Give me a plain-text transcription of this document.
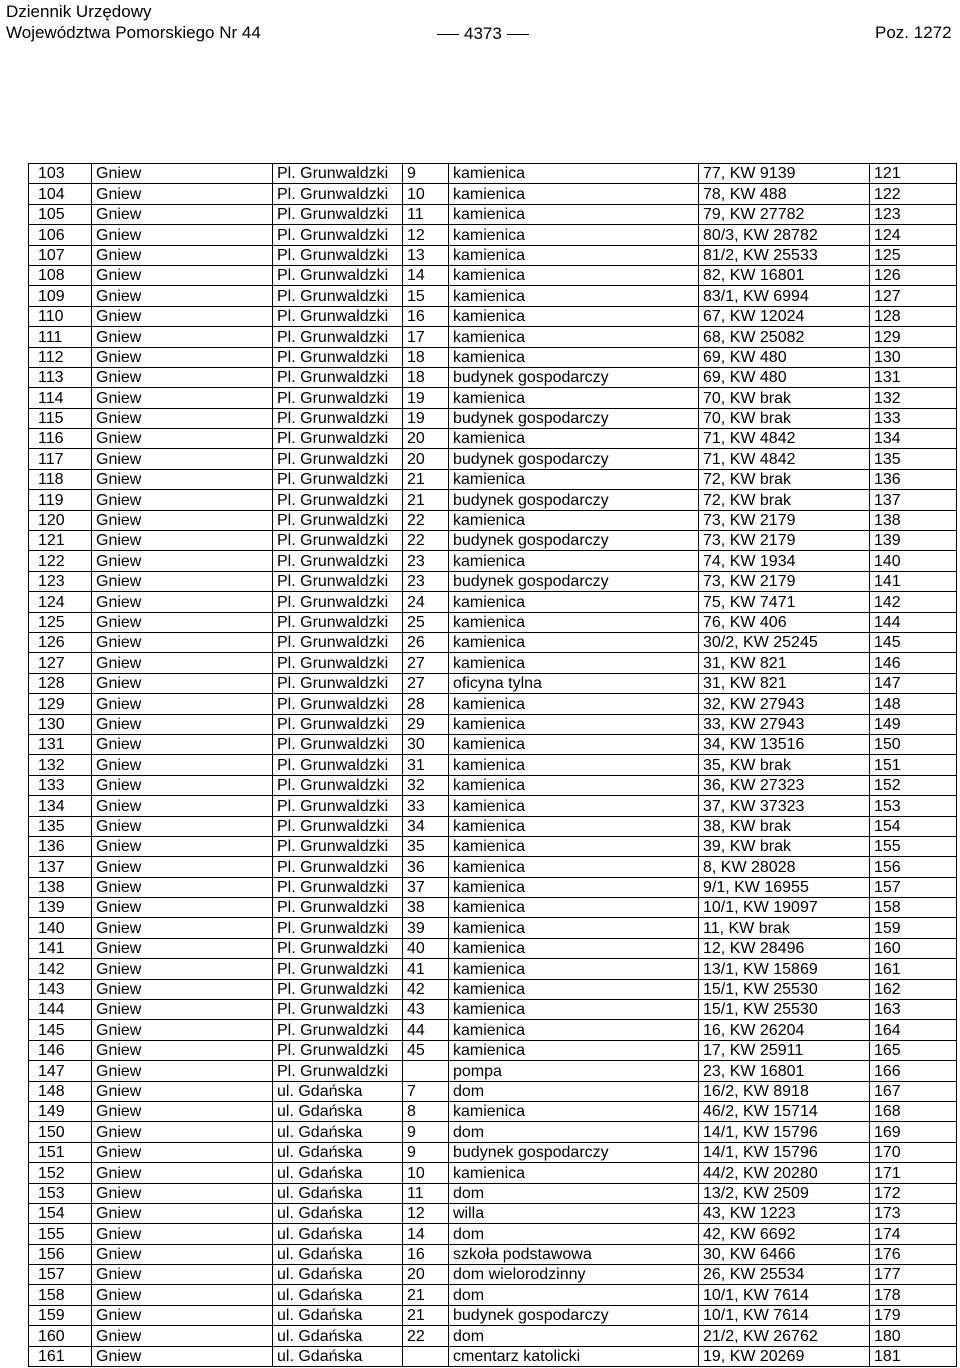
Dziennik Urzędowy
Województwa Pomorskiego Nr 44	4373	Poz. 1272
103	Gniew	Pl. Grunwaldzki	9	kamienica	77, KW 9139	121
104	Gniew	Pl. Grunwaldzki	10	kamienica	78, KW 488	122
105	Gniew	Pl. Grunwaldzki	11	kamienica	79, KW 27782	123
106	Gniew	Pl. Grunwaldzki	12	kamienica	80/3, KW 28782	124
107	Gniew	Pl. Grunwaldzki	13	kamienica	81/2, KW 25533	125
108	Gniew	Pl. Grunwaldzki	14	kamienica	82, KW 16801	126
109	Gniew	Pl. Grunwaldzki	15	kamienica	83/1, KW 6994	127
110	Gniew	Pl. Grunwaldzki	16	kamienica	67, KW 12024	128
111	Gniew	Pl. Grunwaldzki	17	kamienica	68, KW 25082	129
112	Gniew	Pl. Grunwaldzki	18	kamienica	69, KW 480	130
113	Gniew	Pl. Grunwaldzki	18	budynek gospodarczy	69, KW 480	131
114	Gniew	Pl. Grunwaldzki	19	kamienica	70, KW brak	132
115	Gniew	Pl. Grunwaldzki	19	budynek gospodarczy	70, KW brak	133
116	Gniew	Pl. Grunwaldzki	20	kamienica	71, KW 4842	134
117	Gniew	Pl. Grunwaldzki	20	budynek gospodarczy	71, KW 4842	135
118	Gniew	Pl. Grunwaldzki	21	kamienica	72, KW brak	136
119	Gniew	Pl. Grunwaldzki	21	budynek gospodarczy	72, KW brak	137
120	Gniew	Pl. Grunwaldzki	22	kamienica	73, KW 2179	138
121	Gniew	Pl. Grunwaldzki	22	budynek gospodarczy	73, KW 2179	139
122	Gniew	Pl. Grunwaldzki	23	kamienica	74, KW 1934	140
123	Gniew	Pl. Grunwaldzki	23	budynek gospodarczy	73, KW 2179	141
124	Gniew	Pl. Grunwaldzki	24	kamienica	75, KW 7471	142
125	Gniew	Pl. Grunwaldzki	25	kamienica	76, KW 406	144
126	Gniew	Pl. Grunwaldzki	26	kamienica	30/2, KW 25245	145
127	Gniew	Pl. Grunwaldzki	27	kamienica	31, KW 821	146
128	Gniew	Pl. Grunwaldzki	27	oficyna tylna	31, KW 821	147
129	Gniew	Pl. Grunwaldzki	28	kamienica	32, KW 27943	148
130	Gniew	Pl. Grunwaldzki	29	kamienica	33, KW 27943	149
131	Gniew	Pl. Grunwaldzki	30	kamienica	34, KW 13516	150
132	Gniew	Pl. Grunwaldzki	31	kamienica	35, KW brak	151
133	Gniew	Pl. Grunwaldzki	32	kamienica	36, KW 27323	152
134	Gniew	Pl. Grunwaldzki	33	kamienica	37, KW 37323	153
135	Gniew	Pl. Grunwaldzki	34	kamienica	38, KW brak	154
136	Gniew	Pl. Grunwaldzki	35	kamienica	39, KW brak	155
137	Gniew	Pl. Grunwaldzki	36	kamienica	8, KW 28028	156
138	Gniew	Pl. Grunwaldzki	37	kamienica	9/1, KW 16955	157
139	Gniew	Pl. Grunwaldzki	38	kamienica	10/1, KW 19097	158
140	Gniew	Pl. Grunwaldzki	39	kamienica	11, KW brak	159
141	Gniew	Pl. Grunwaldzki	40	kamienica	12, KW 28496	160
142	Gniew	Pl. Grunwaldzki	41	kamienica	13/1, KW 15869	161
143	Gniew	Pl. Grunwaldzki	42	kamienica	15/1, KW 25530	162
144	Gniew	Pl. Grunwaldzki	43	kamienica	15/1, KW 25530	163
145	Gniew	Pl. Grunwaldzki	44	kamienica	16, KW 26204	164
146	Gniew	Pl. Grunwaldzki	45	kamienica	17, KW 25911	165
147	Gniew	Pl. Grunwaldzki		pompa	23, KW 16801	166
148	Gniew	ul. Gdańska	7	dom	16/2, KW 8918	167
149	Gniew	ul. Gdańska	8	kamienica	46/2, KW 15714	168
150	Gniew	ul. Gdańska	9	dom	14/1, KW 15796	169
151	Gniew	ul. Gdańska	9	budynek gospodarczy	14/1, KW 15796	170
152	Gniew	ul. Gdańska	10	kamienica	44/2, KW 20280	171
153	Gniew	ul. Gdańska	11	dom	13/2, KW 2509	172
154	Gniew	ul. Gdańska	12	willa	43, KW 1223	173
155	Gniew	ul. Gdańska	14	dom	42, KW 6692	174
156	Gniew	ul. Gdańska	16	szkoła podstawowa	30, KW 6466	176
157	Gniew	ul. Gdańska	20	dom wielorodzinny	26, KW 25534	177
158	Gniew	ul. Gdańska	21	dom	10/1, KW 7614	178
159	Gniew	ul. Gdańska	21	budynek gospodarczy	10/1, KW 7614	179
160	Gniew	ul. Gdańska	22	dom	21/2, KW 26762	180
161	Gniew	ul. Gdańska		cmentarz katolicki	19, KW 20269	181
